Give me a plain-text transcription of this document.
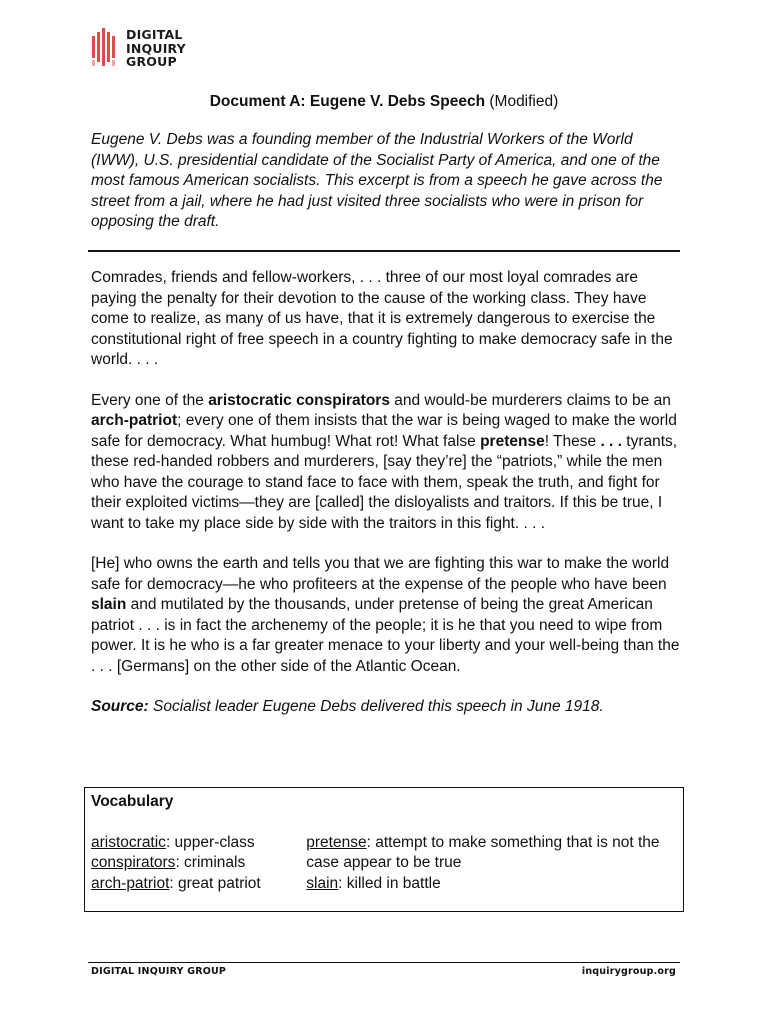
DIGITAL
INQUIRY
GROUP
Document A: Eugene V. Debs Speech (Modified)
Eugene V. Debs was a founding member of the Industrial Workers of the World (IWW), U.S. presidential candidate of the Socialist Party of America, and one of the most famous American socialists. This excerpt is from a speech he gave across the street from a jail, where he had just visited three socialists who were in prison for opposing the draft.

Comrades, friends and fellow-workers, . . . three of our most loyal comrades are paying the penalty for their devotion to the cause of the working class. They have come to realize, as many of us have, that it is extremely dangerous to exercise the constitutional right of free speech in a country fighting to make democracy safe in the world. . . .

Every one of the aristocratic conspirators and would-be murderers claims to be an arch-patriot; every one of them insists that the war is being waged to make the world safe for democracy. What humbug! What rot! What false pretense! These . . . tyrants, these red-handed robbers and murderers, [say they’re] the “patriots,” while the men who have the courage to stand face to face with them, speak the truth, and fight for their exploited victims—they are [called] the disloyalists and traitors. If this be true, I want to take my place side by side with the traitors in this fight. . . .

[He] who owns the earth and tells you that we are fighting this war to make the world safe for democracy—he who profiteers at the expense of the people who have been slain and mutilated by the thousands, under pretense of being the great American patriot . . . is in fact the archenemy of the people; it is he that you need to wipe from power. It is he who is a far greater menace to your liberty and your well-being than the . . . [Germans] on the other side of the Atlantic Ocean.

Source: Socialist leader Eugene Debs delivered this speech in June 1918.

Vocabulary
aristocratic: upper-class
conspirators: criminals
arch-patriot: great patriot
pretense: attempt to make something that is not the case appear to be true
slain: killed in battle
DIGITAL INQUIRY GROUP	inquirygroup.org
